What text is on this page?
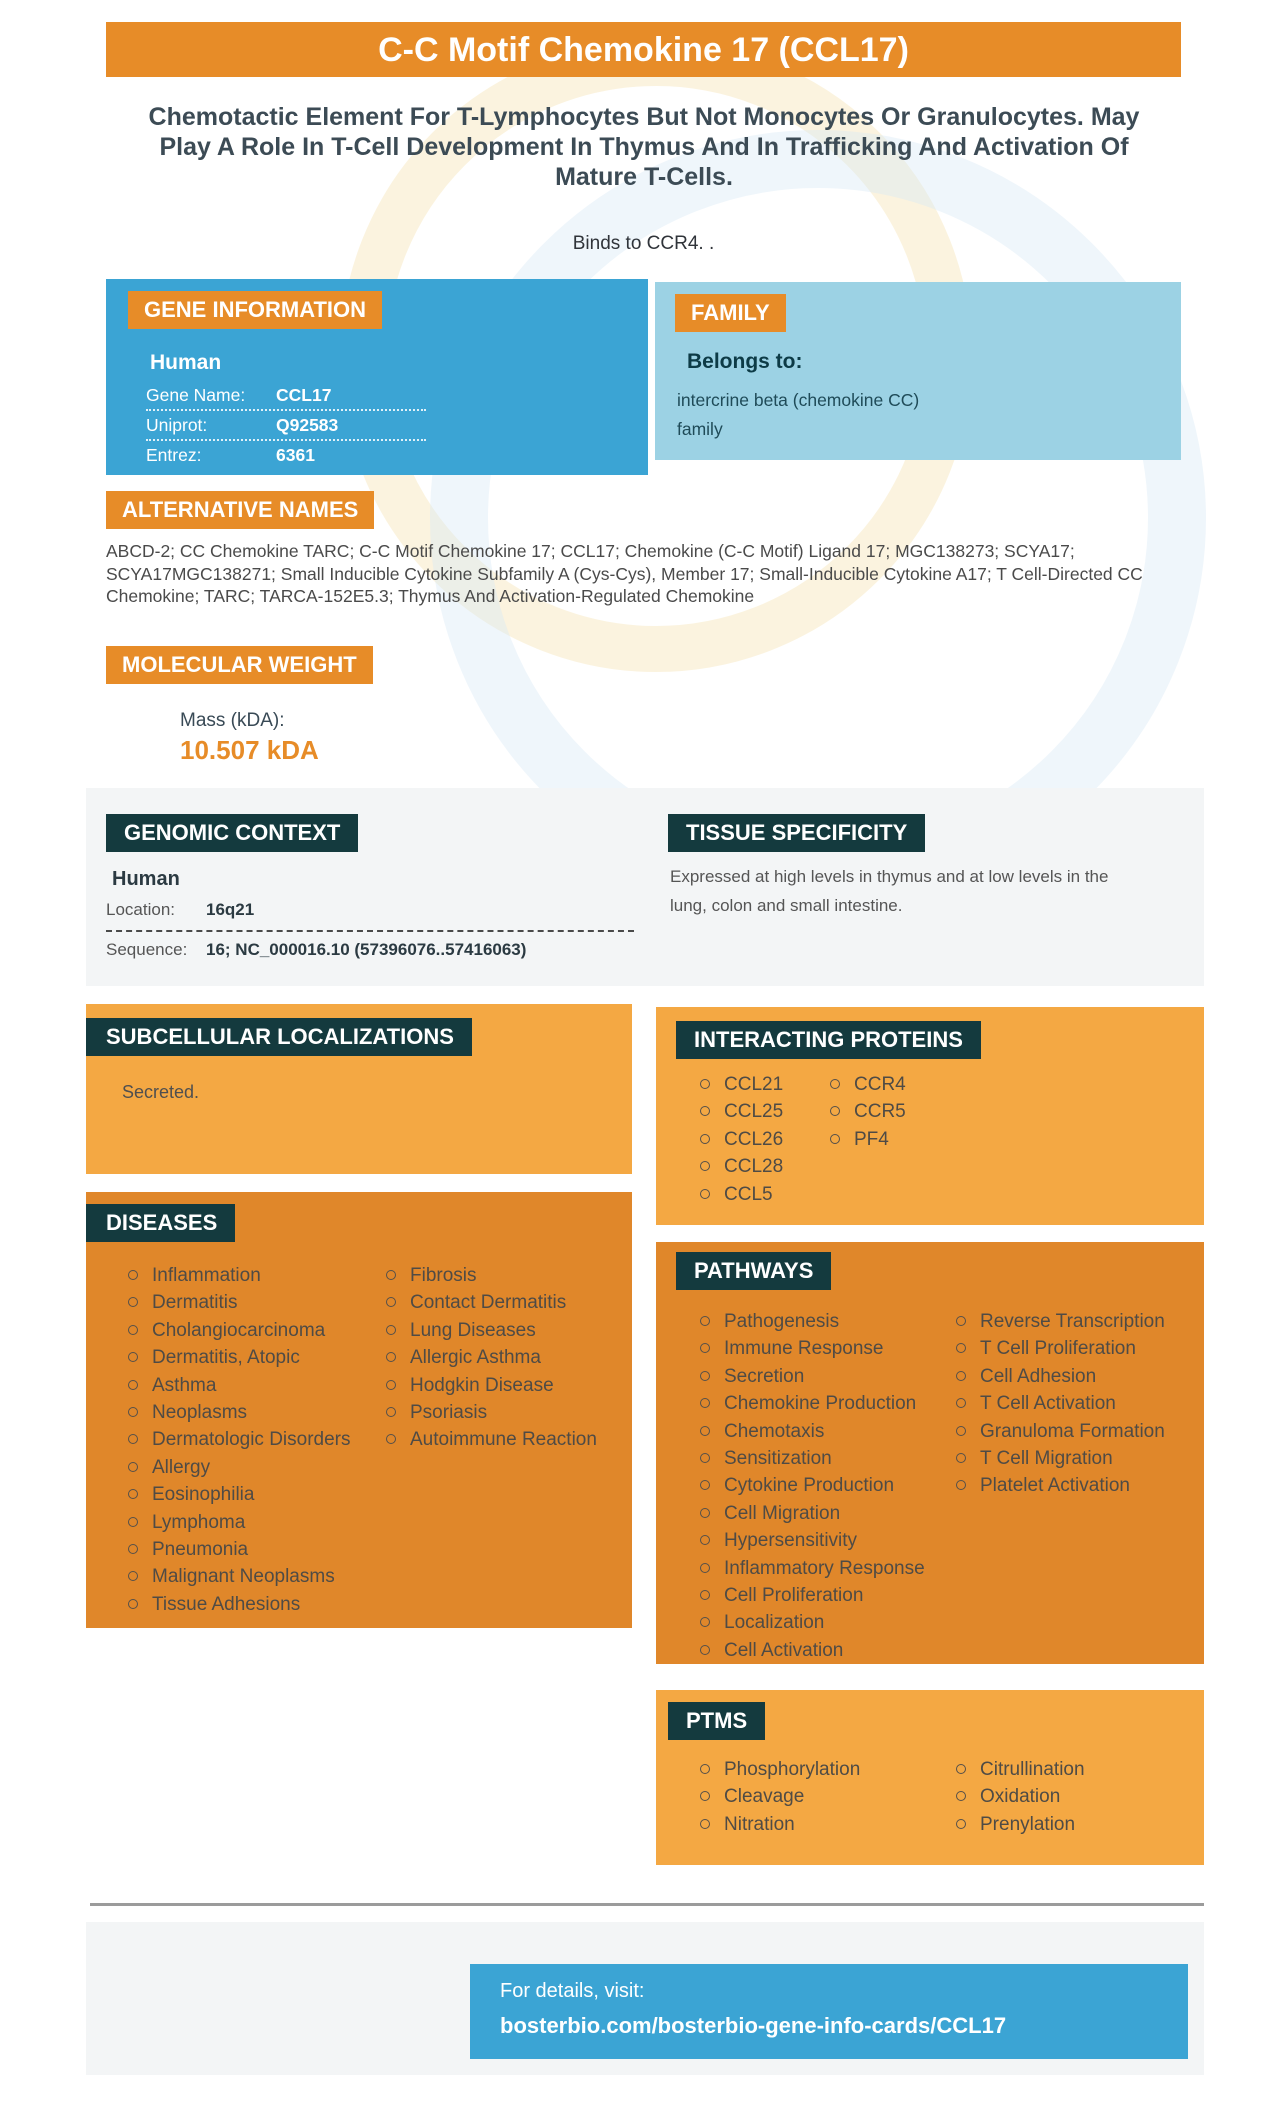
C-C Motif Chemokine 17 (CCL17)
Chemotactic Element For T-Lymphocytes But Not Monocytes Or Granulocytes. May Play A Role In T-Cell Development In Thymus And In Trafficking And Activation Of Mature T-Cells.
Binds to CCR4. .
GENE INFORMATION
Human
Gene Name: CCL17
Uniprot:	Q92583
Entrez:	6361
FAMILY
Belongs to:
intercrine beta (chemokine CC) family
ALTERNATIVE NAMES
ABCD-2; CC Chemokine TARC; C-C Motif Chemokine 17; CCL17; Chemokine (C-C Motif) Ligand 17; MGC138273; SCYA17; SCYA17MGC138271; Small Inducible Cytokine Subfamily A (Cys-Cys), Member 17; Small-Inducible Cytokine A17; T Cell-Directed CC Chemokine; TARC; TARCA-152E5.3; Thymus And Activation-Regulated Chemokine
MOLECULAR WEIGHT
Mass (kDA):
10.507 kDA
GENOMIC CONTEXT
Human
Location: 16q21
Sequence: 16; NC_000016.10 (57396076..57416063)
TISSUE SPECIFICITY
Expressed at high levels in thymus and at low levels in the lung, colon and small intestine.
SUBCELLULAR LOCALIZATIONS
Secreted.
INTERACTING PROTEINS
CCL21
CCL25
CCL26
CCL28
CCL5
CCR4
CCR5
PF4
DISEASES
Inflammation
Dermatitis
Cholangiocarcinoma
Dermatitis, Atopic
Asthma
Neoplasms
Dermatologic Disorders
Allergy
Eosinophilia
Lymphoma
Pneumonia
Malignant Neoplasms
Tissue Adhesions
Fibrosis
Contact Dermatitis
Lung Diseases
Allergic Asthma
Hodgkin Disease
Psoriasis
Autoimmune Reaction
PATHWAYS
Pathogenesis
Immune Response
Secretion
Chemokine Production
Chemotaxis
Sensitization
Cytokine Production
Cell Migration
Hypersensitivity
Inflammatory Response
Cell Proliferation
Localization
Cell Activation
Reverse Transcription
T Cell Proliferation
Cell Adhesion
T Cell Activation
Granuloma Formation
T Cell Migration
Platelet Activation
PTMS
Phosphorylation
Cleavage
Nitration
Citrullination
Oxidation
Prenylation
For details, visit:
bosterbio.com/bosterbio-gene-info-cards/CCL17
